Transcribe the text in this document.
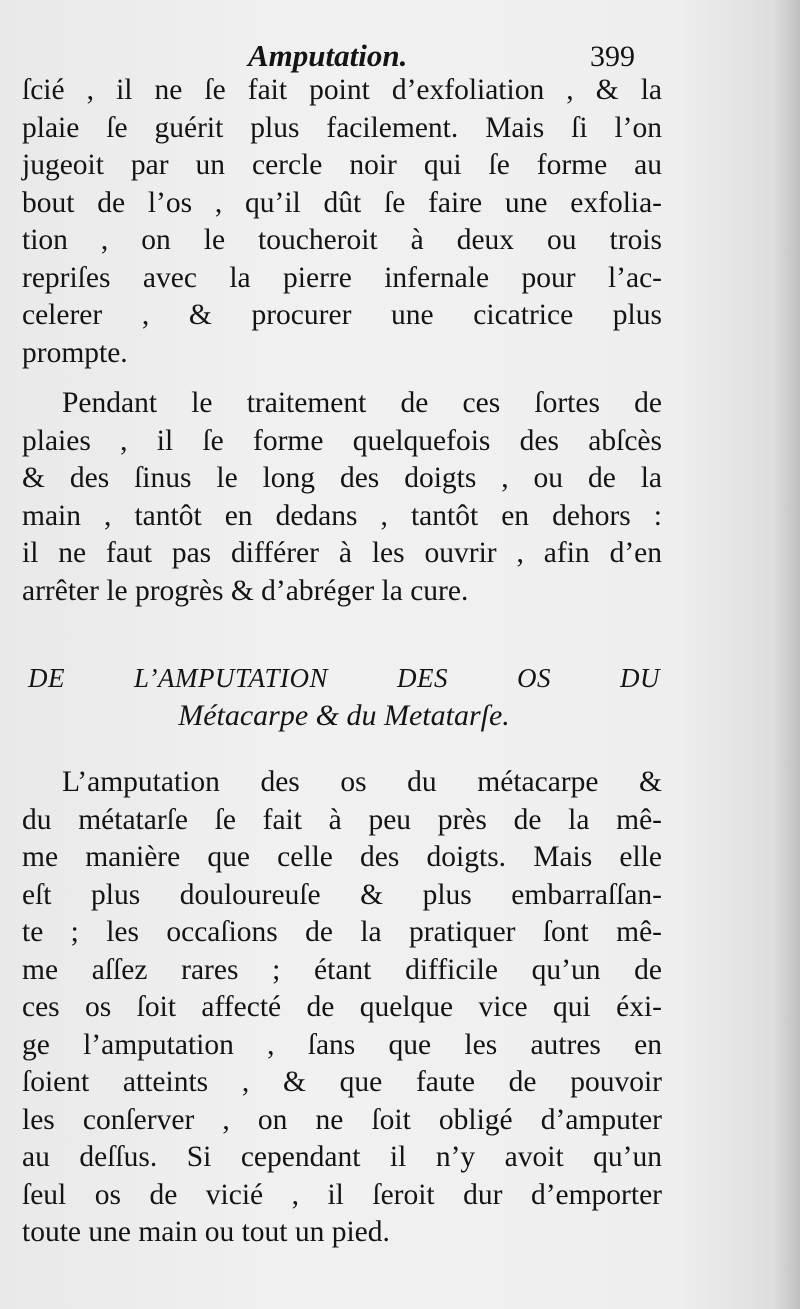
Amputation.	399
ſcié , il ne ſe fait point d’exfoliation , & la
plaie ſe guérit plus facilement. Mais ſi l’on
jugeoit par un cercle noir qui ſe forme au
bout de l’os , qu’il dût ſe faire une exfolia-
tion , on le toucheroit à deux ou trois
repriſes avec la pierre infernale pour l’ac-
celerer , & procurer une cicatrice plus
prompte.
Pendant le traitement de ces ſortes de
plaies , il ſe forme quelquefois des abſcès
& des ſinus le long des doigts , ou de la
main , tantôt en dedans , tantôt en dehors :
il ne faut pas différer à les ouvrir , afin d’en
arrêter le progrès & d’abréger la cure.
DE L’AMPUTATION DES OS DU
Métacarpe & du Metatarſe.
L’amputation des os du métacarpe &
du métatarſe ſe fait à peu près de la mê-
me manière que celle des doigts. Mais elle
eſt plus douloureuſe & plus embarraſſan-
te ; les occaſions de la pratiquer ſont mê-
me aſſez rares ; étant difficile qu’un de
ces os ſoit affecté de quelque vice qui éxi-
ge l’amputation , ſans que les autres en
ſoient atteints , & que faute de pouvoir
les conſerver , on ne ſoit obligé d’amputer
au deſſus. Si cependant il n’y avoit qu’un
ſeul os de vicié , il ſeroit dur d’emporter
toute une main ou tout un pied.
